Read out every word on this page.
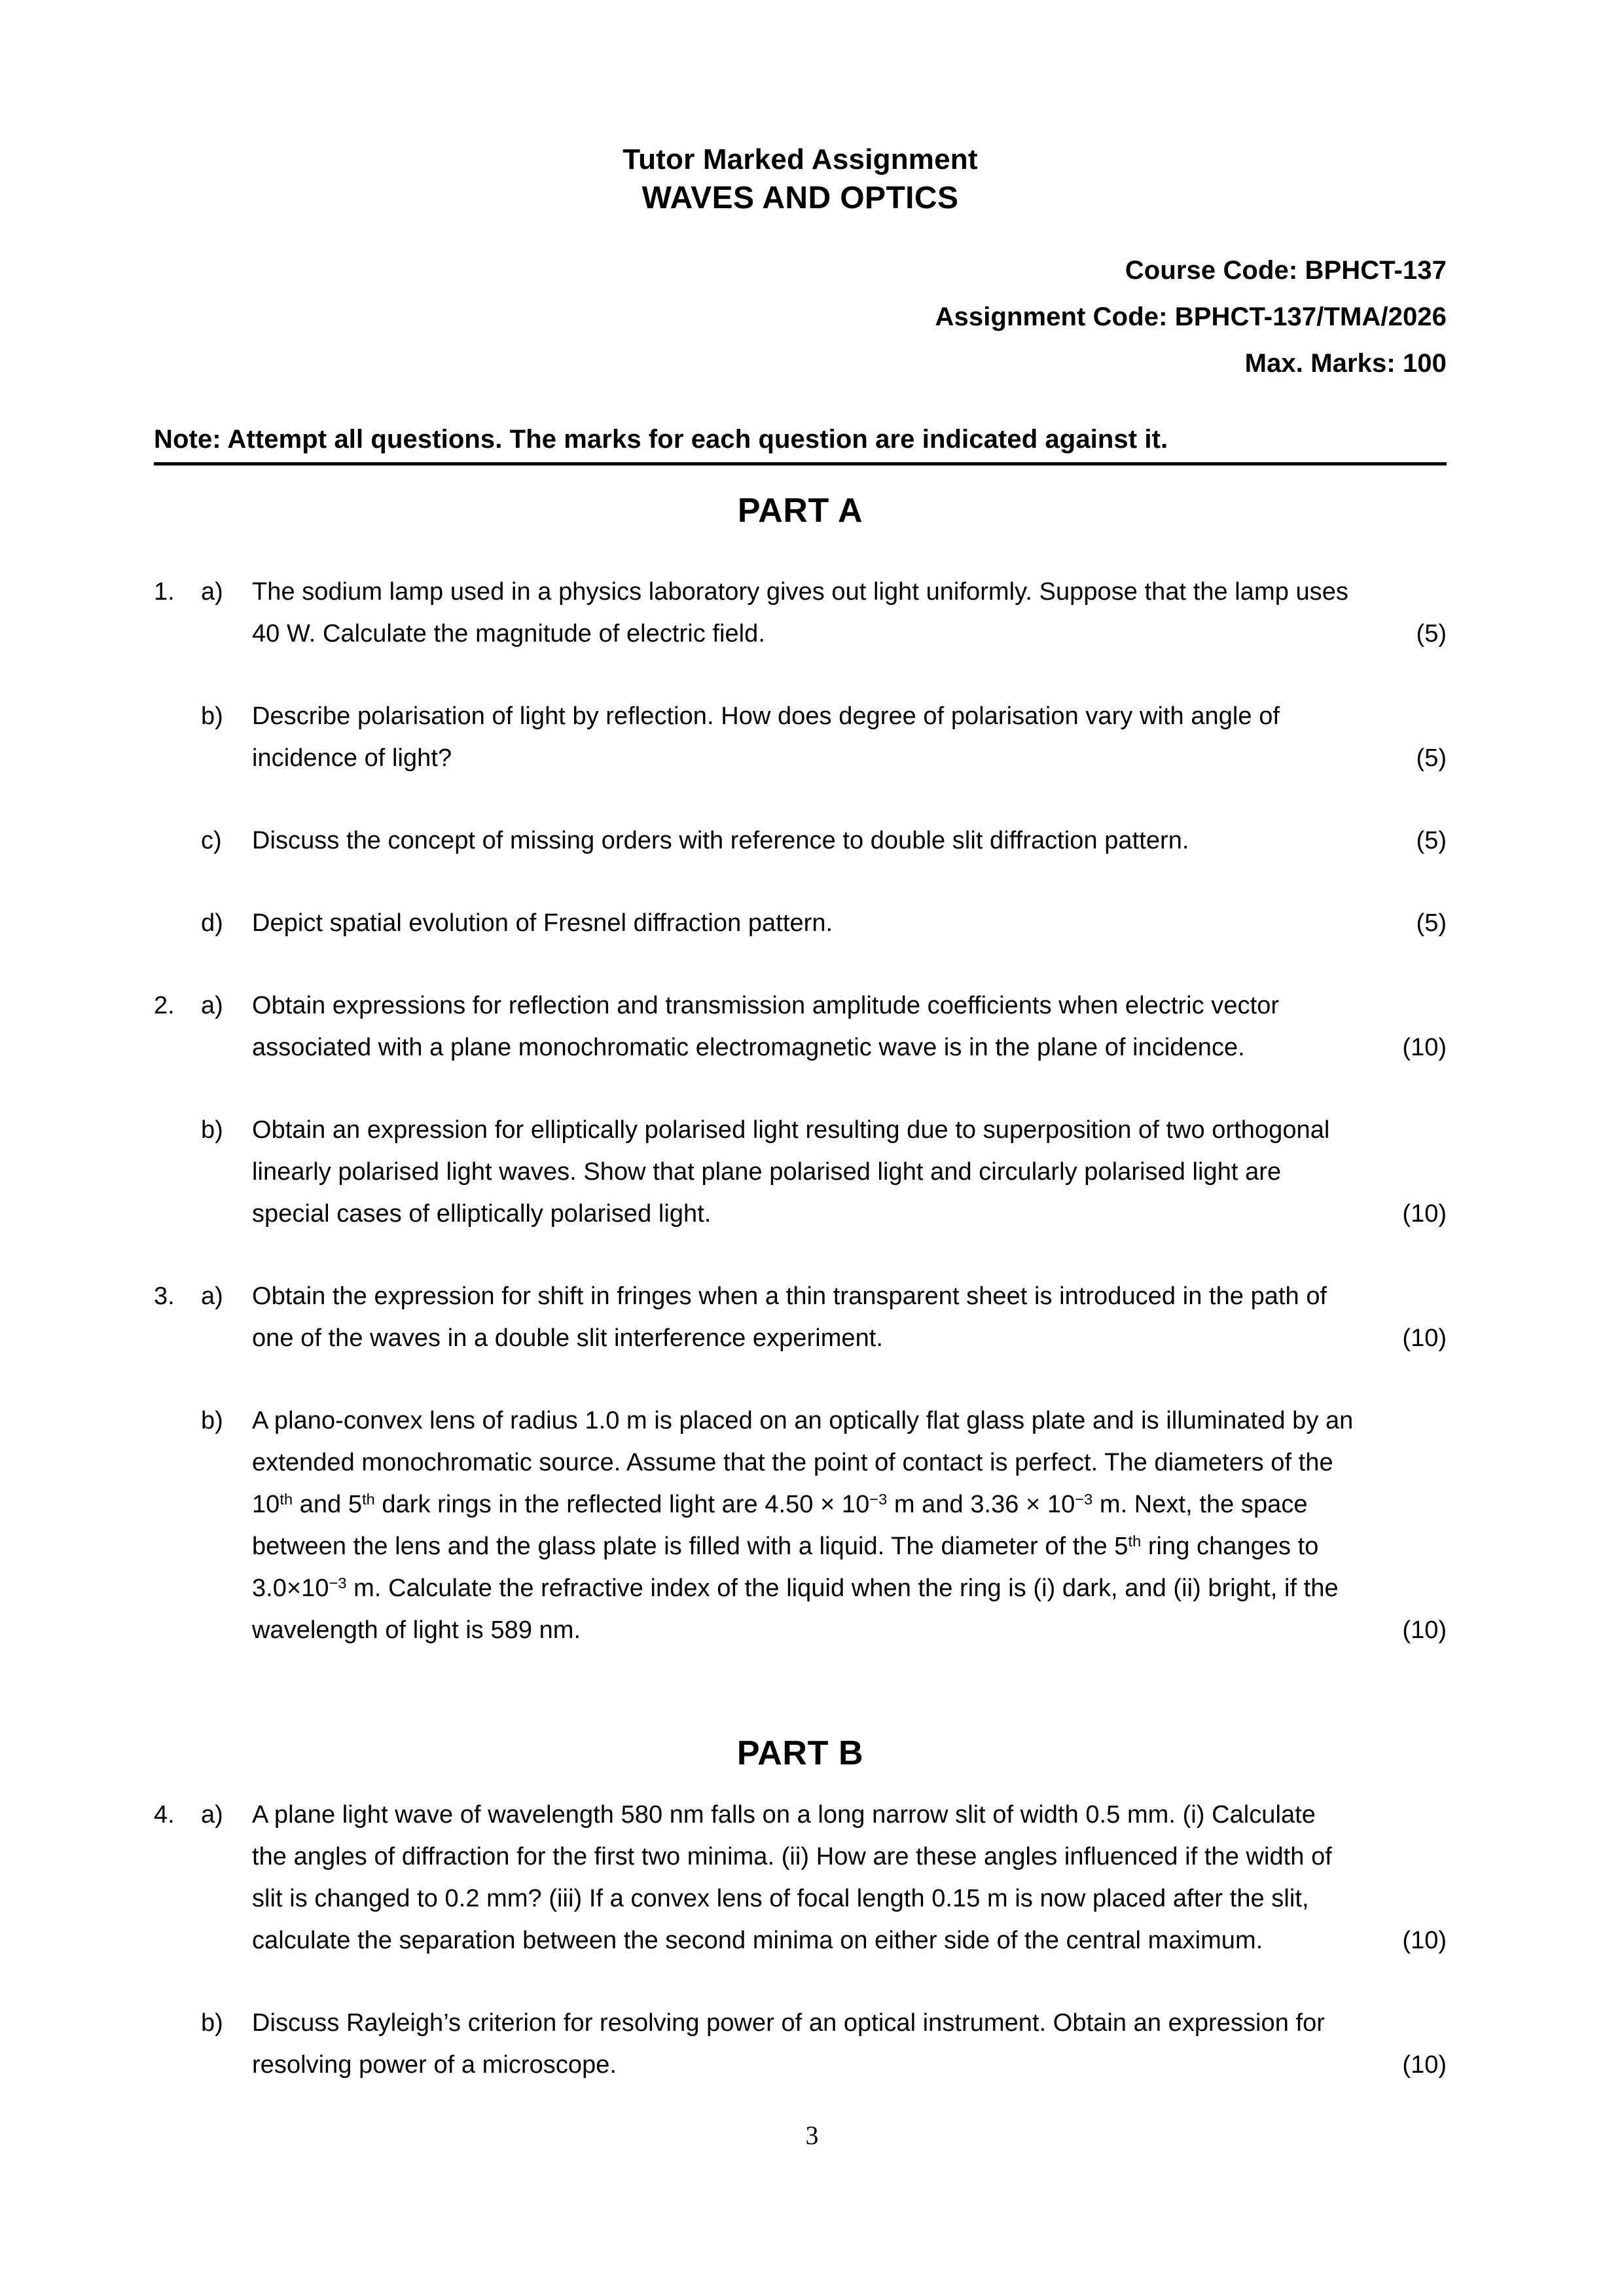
Tutor Marked Assignment
WAVES AND OPTICS
Course Code: BPHCT-137
Assignment Code: BPHCT-137/TMA/2026
Max. Marks: 100
Note: Attempt all questions. The marks for each question are indicated against it.
PART A
1.	a)	The sodium lamp used in a physics laboratory gives out light uniformly. Suppose that the lamp uses 40 W. Calculate the magnitude of electric field.	(5)
b)	Describe polarisation of light by reflection. How does degree of polarisation vary with angle of incidence of light?	(5)
c)	Discuss the concept of missing orders with reference to double slit diffraction pattern.	(5)
d)	Depict spatial evolution of Fresnel diffraction pattern.	(5)
2.	a)	Obtain expressions for reflection and transmission amplitude coefficients when electric vector associated with a plane monochromatic electromagnetic wave is in the plane of incidence.	(10)
b)	Obtain an expression for elliptically polarised light resulting due to superposition of two orthogonal linearly polarised light waves. Show that plane polarised light and circularly polarised light are special cases of elliptically polarised light.	(10)
3.	a)	Obtain the expression for shift in fringes when a thin transparent sheet is introduced in the path of one of the waves in a double slit interference experiment.	(10)
b)	A plano-convex lens of radius 1.0 m is placed on an optically flat glass plate and is illuminated by an extended monochromatic source. Assume that the point of contact is perfect. The diameters of the 10th and 5th dark rings in the reflected light are $4.50 \times 10^{-3}$ m and $3.36 \times 10^{-3}$ m. Next, the space between the lens and the glass plate is filled with a liquid. The diameter of the 5th ring changes to $3.0\times 10^{-3}$ m. Calculate the refractive index of the liquid when the ring is (i) dark, and (ii) bright, if the wavelength of light is 589 nm.	(10)
PART B
4.	a)	A plane light wave of wavelength 580 nm falls on a long narrow slit of width 0.5 mm. (i) Calculate the angles of diffraction for the first two minima. (ii) How are these angles influenced if the width of slit is changed to 0.2 mm? (iii) If a convex lens of focal length 0.15 m is now placed after the slit, calculate the separation between the second minima on either side of the central maximum.	(10)
b)	Discuss Rayleigh’s criterion for resolving power of an optical instrument. Obtain an expression for resolving power of a microscope.	(10)
3
